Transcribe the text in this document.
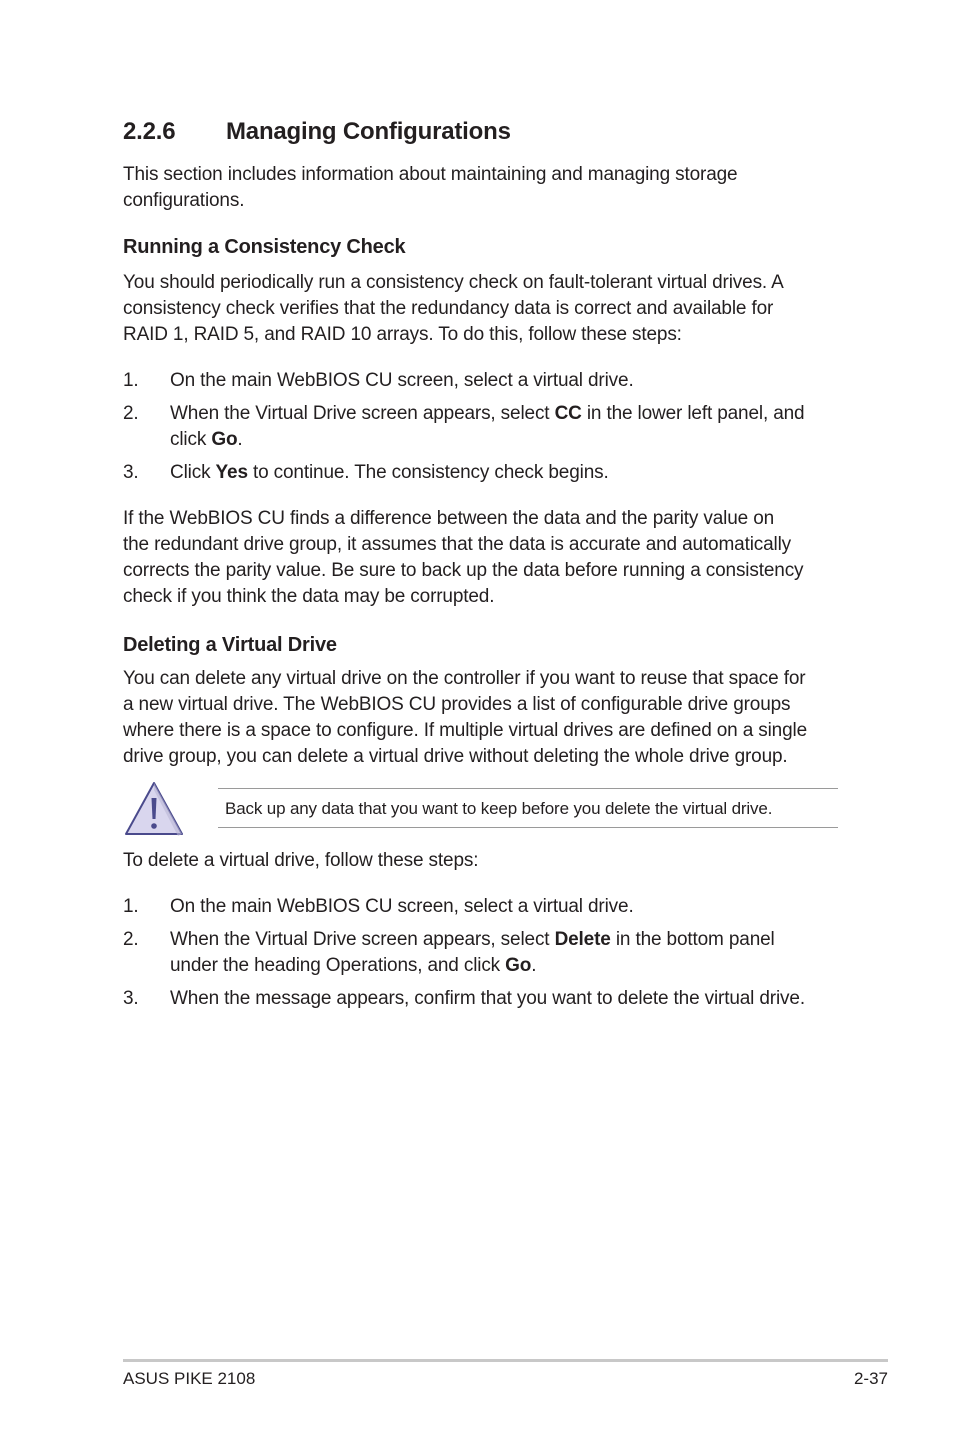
2.2.6 Managing Configurations
This section includes information about maintaining and managing storage
configurations.
Running a Consistency Check
You should periodically run a consistency check on fault-tolerant virtual drives. A
consistency check verifies that the redundancy data is correct and available for
RAID 1, RAID 5, and RAID 10 arrays. To do this, follow these steps:
1. On the main WebBIOS CU screen, select a virtual drive.
2. When the Virtual Drive screen appears, select CC in the lower left panel, and
click Go.
3. Click Yes to continue. The consistency check begins.
If the WebBIOS CU finds a difference between the data and the parity value on
the redundant drive group, it assumes that the data is accurate and automatically
corrects the parity value. Be sure to back up the data before running a consistency
check if you think the data may be corrupted.
Deleting a Virtual Drive
You can delete any virtual drive on the controller if you want to reuse that space for
a new virtual drive. The WebBIOS CU provides a list of configurable drive groups
where there is a space to configure. If multiple virtual drives are defined on a single
drive group, you can delete a virtual drive without deleting the whole drive group.
Back up any data that you want to keep before you delete the virtual drive.
To delete a virtual drive, follow these steps:
1. On the main WebBIOS CU screen, select a virtual drive.
2. When the Virtual Drive screen appears, select Delete in the bottom panel
under the heading Operations, and click Go.
3. When the message appears, confirm that you want to delete the virtual drive.
ASUS PIKE 2108	2-37
